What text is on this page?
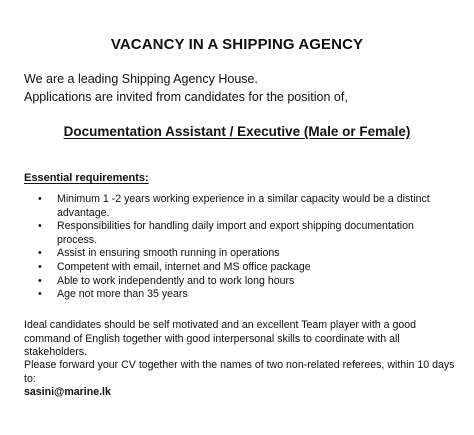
VACANCY IN A SHIPPING AGENCY
We are a leading Shipping Agency House.
Applications are invited from candidates for the position of,
Documentation Assistant / Executive (Male or Female)
Essential requirements:
• Minimum 1 -2 years working experience in a similar capacity would be a distinct advantage.
• Responsibilities for handling daily import and export shipping documentation process.
• Assist in ensuring smooth running in operations
• Competent with email, internet and MS office package
• Able to work independently and to work long hours
• Age not more than 35 years
Ideal candidates should be self motivated and an excellent Team player with a good command of English together with good interpersonal skills to coordinate with all stakeholders.
Please forward your CV together with the names of two non-related referees, within 10 days to:
sasini@marine.lk
